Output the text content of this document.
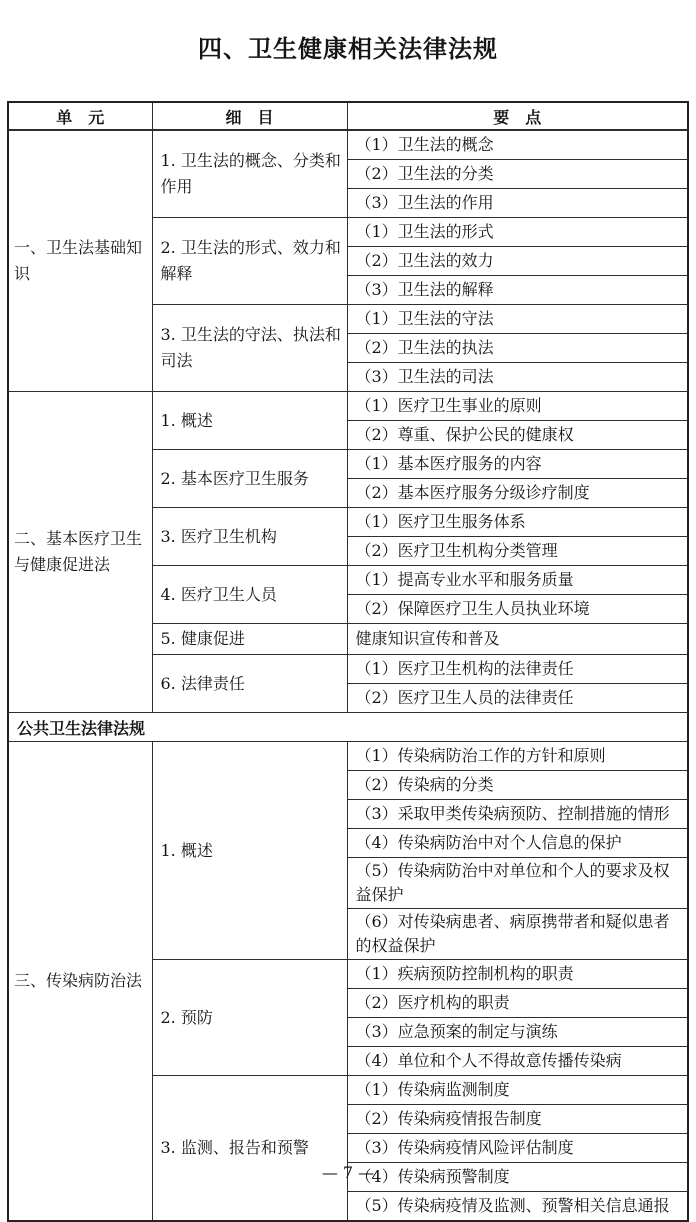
四、卫生健康相关法律法规
单　元	细　目	要　点
一、卫生法基础知识	1. 卫生法的概念、分类和作用	（1）卫生法的概念
		（2）卫生法的分类
		（3）卫生法的作用
	2. 卫生法的形式、效力和解释	（1）卫生法的形式
		（2）卫生法的效力
		（3）卫生法的解释
	3. 卫生法的守法、执法和司法	（1）卫生法的守法
		（2）卫生法的执法
		（3）卫生法的司法
二、基本医疗卫生与健康促进法	1. 概述	（1）医疗卫生事业的原则
		（2）尊重、保护公民的健康权
	2. 基本医疗卫生服务	（1）基本医疗服务的内容
		（2）基本医疗服务分级诊疗制度
	3. 医疗卫生机构	（1）医疗卫生服务体系
		（2）医疗卫生机构分类管理
	4. 医疗卫生人员	（1）提高专业水平和服务质量
		（2）保障医疗卫生人员执业环境
	5. 健康促进	健康知识宣传和普及
	6. 法律责任	（1）医疗卫生机构的法律责任
		（2）医疗卫生人员的法律责任
公共卫生法律法规		
三、传染病防治法	1. 概述	（1）传染病防治工作的方针和原则
		（2）传染病的分类
		（3）采取甲类传染病预防、控制措施的情形
		（4）传染病防治中对个人信息的保护
		（5）传染病防治中对单位和个人的要求及权益保护
		（6）对传染病患者、病原携带者和疑似患者的权益保护
	2. 预防	（1）疾病预防控制机构的职责
		（2）医疗机构的职责
		（3）应急预案的制定与演练
		（4）单位和个人不得故意传播传染病
	3. 监测、报告和预警	（1）传染病监测制度
		（2）传染病疫情报告制度
		（3）传染病疫情风险评估制度
		（4）传染病预警制度
		（5）传染病疫情及监测、预警相关信息通报
— 7 —
